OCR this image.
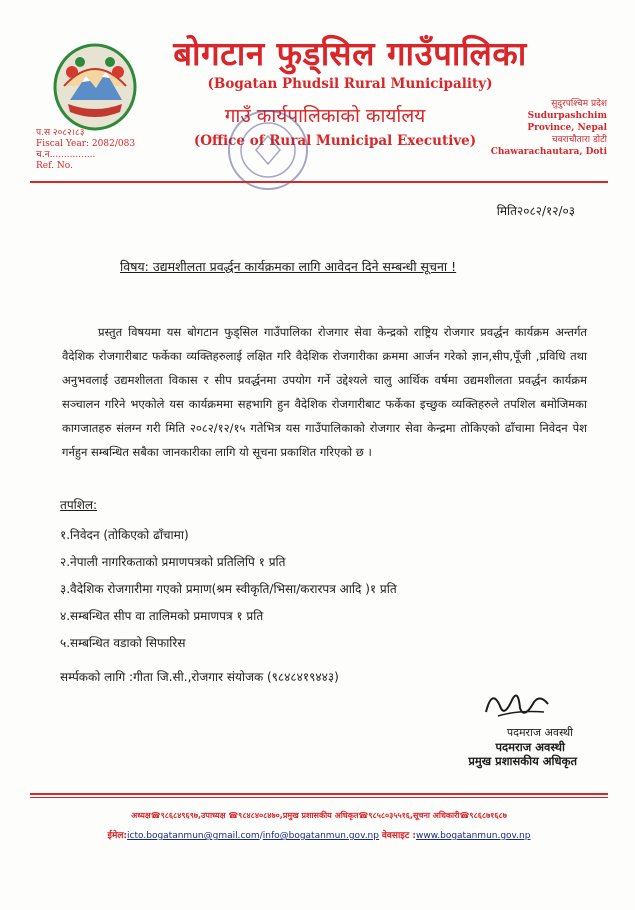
बोगटान फुड्सिल गाउँपालिका
(Bogatan Phudsil Rural Municipality)
गाउँ कार्यपालिकाको कार्यालय
(Office of Rural Municipal Executive)
प.स २०८२।८३
Fiscal Year: 2082/083
च.न................
Ref. No.
सुदुरपश्चिम प्रदेश
Sudurpashchim
Province, Nepal
चवराचौतारा डोटी
Chawarachautara, Doti
मिति२०८२/१२/०३
विषय: उद्यमशीलता प्रवर्द्धन कार्यक्रमका लागि आवेदन दिने सम्बन्धी सूचना !
प्रस्तुत विषयमा यस बोगटान फुड्सिल गाउँपालिका रोजगार सेवा केन्द्रको राष्ट्रिय रोजगार प्रवर्द्धन कार्यक्रम अन्तर्गत वैदेशिक रोजगारीबाट फर्केका व्यक्तिहरुलाई लक्षित गरि वैदेशिक रोजगारीका क्रममा आर्जन गरेको ज्ञान,सीप,पूँजी ,प्रविधि तथा अनुभवलाई उद्यमशीलता विकास र सीप प्रवर्द्धनमा उपयोग गर्ने उद्देश्यले चालु आर्थिक वर्षमा उद्यमशीलता प्रवर्द्धन कार्यक्रम सञ्चालन गरिने भएकोले यस कार्यक्रममा सहभागि हुन वैदेशिक रोजगारीबाट फर्केका इच्छुक व्यक्तिहरुले तपशिल बमोजिमका कागजातहरु संलग्न गरी मिति २०८२/१२/१५ गतेभित्र यस गाउँपालिकाको रोजगार सेवा केन्द्रमा तोकिएको ढाँचामा निवेदन पेश गर्नहुन सम्बन्धित सबैका जानकारीका लागि यो सूचना प्रकाशित गरिएको छ ।
तपशिल:
१.निवेदन (तोकिएको ढाँचामा)
२.नेपाली नागरिकताको प्रमाणपत्रको प्रतिलिपि १ प्रति
३.वैदेशिक रोजगारीमा गएको प्रमाण(श्रम स्वीकृति/भिसा/करारपत्र आदि )१ प्रति
४.सम्बन्धित सीप वा तालिमको प्रमाणपत्र १ प्रति
५.सम्बन्धित वडाको सिफारिस
सर्म्पकको लागि :गीता जि.सी.,रोजगार संयोजक (९८४८४१९४४३)
पदमराज अवस्थी
पदमराज अवस्थी
प्रमुख प्रशासकीय अधिकृत
अध्यक्ष☎९८६८४९६९७,उपाध्यक्ष ☎९८४८४०८४७०,प्रमुख प्रशासकीय अधिकृत☎९८५८०३५५१६,सूचना अधिकारी☎९८६८७१६८७
ईमेल:icto.bogatanmun@gmail.com/info@bogatanmun.gov.np वेवसाइट :www.bogatanmun.gov.np
